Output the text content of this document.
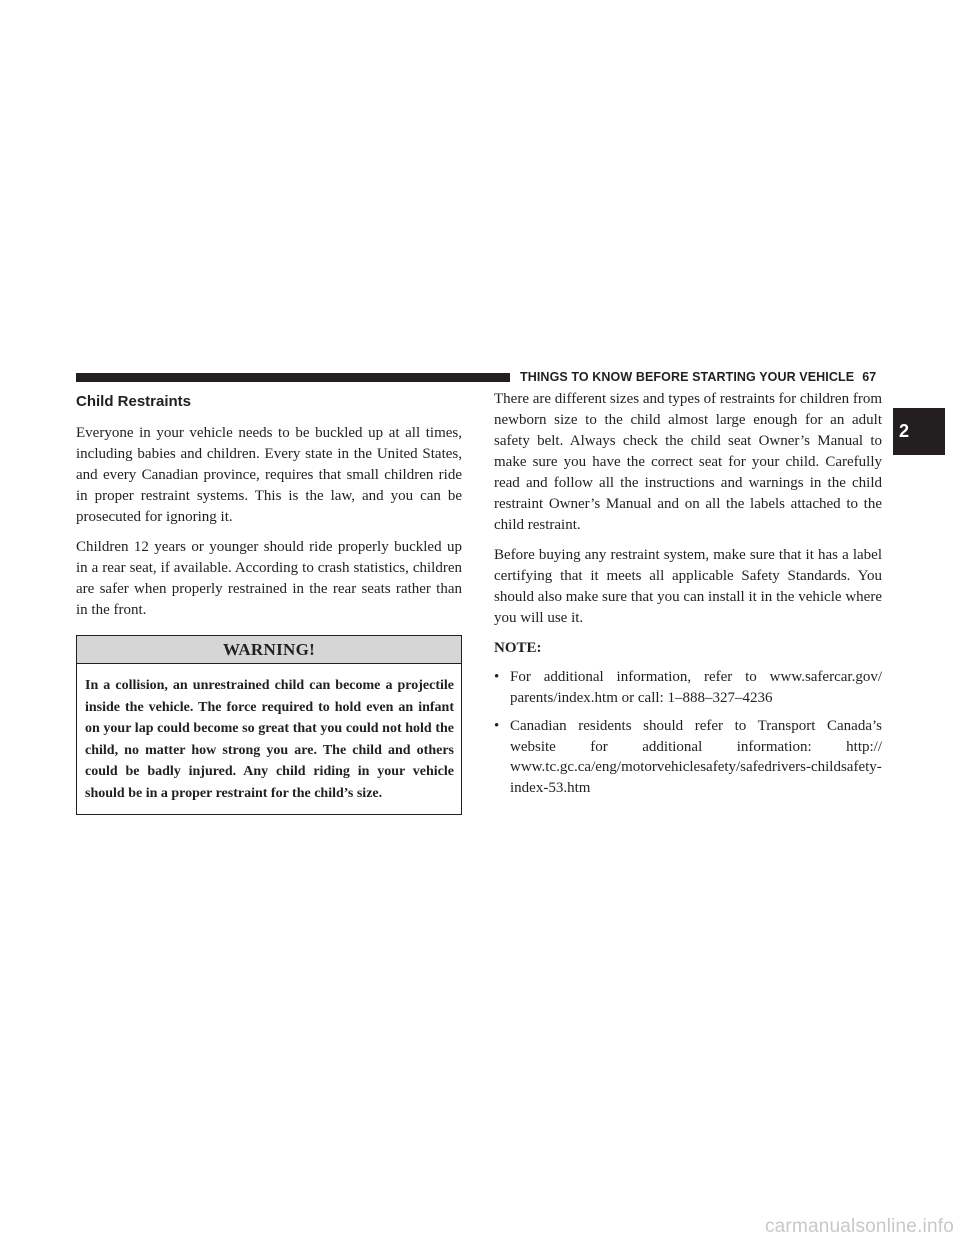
THINGS TO KNOW BEFORE STARTING YOUR VEHICLE 67
2
Child Restraints

Everyone in your vehicle needs to be buckled up at all times, including babies and children. Every state in the United States, and every Canadian province, requires that small children ride in proper restraint systems. This is the law, and you can be prosecuted for ignoring it.

Children 12 years or younger should ride properly buckled up in a rear seat, if available. According to crash statistics, children are safer when properly restrained in the rear seats rather than in the front.

WARNING!
In a collision, an unrestrained child can become a projectile inside the vehicle. The force required to hold even an infant on your lap could become so great that you could not hold the child, no matter how strong you are. The child and others could be badly injured. Any child riding in your vehicle should be in a proper restraint for the child’s size.

There are different sizes and types of restraints for children from newborn size to the child almost large enough for an adult safety belt. Always check the child seat Owner’s Manual to make sure you have the correct seat for your child. Carefully read and follow all the instructions and warnings in the child restraint Owner’s Manual and on all the labels attached to the child restraint.

Before buying any restraint system, make sure that it has a label certifying that it meets all applicable Safety Standards. You should also make sure that you can install it in the vehicle where you will use it.

NOTE:
• For additional information, refer to www.safercar.gov/ parents/index.htm or call: 1–888–327–4236
• Canadian residents should refer to Transport Canada’s website for additional information: http:// www.tc.gc.ca/eng/motorvehiclesafety/safedrivers-childsafety-index-53.htm
carmanualsonline.info
